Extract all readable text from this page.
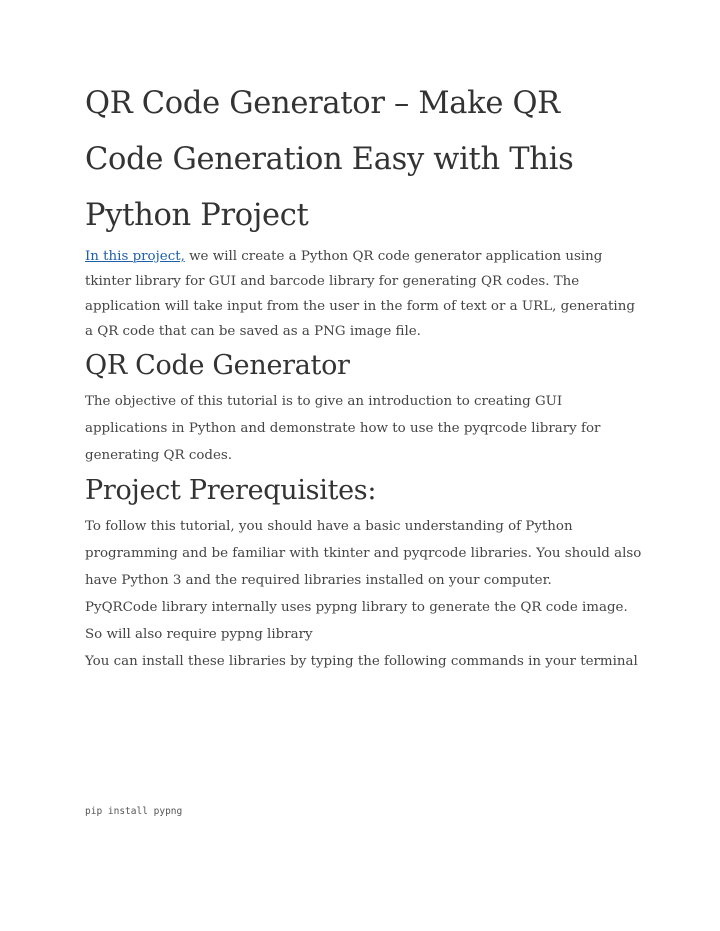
QR Code Generator – Make QR Code Generation Easy with This Python Project

In this project, we will create a Python QR code generator application using tkinter library for GUI and barcode library for generating QR codes. The application will take input from the user in the form of text or a URL, generating a QR code that can be saved as a PNG image file.

QR Code Generator

The objective of this tutorial is to give an introduction to creating GUI applications in Python and demonstrate how to use the pyqrcode library for generating QR codes.

Project Prerequisites:

To follow this tutorial, you should have a basic understanding of Python programming and be familiar with tkinter and pyqrcode libraries. You should also have Python 3 and the required libraries installed on your computer.

PyQRCode library internally uses pypng library to generate the QR code image. So will also require pypng library

You can install these libraries by typing the following commands in your terminal

pip install pypng
